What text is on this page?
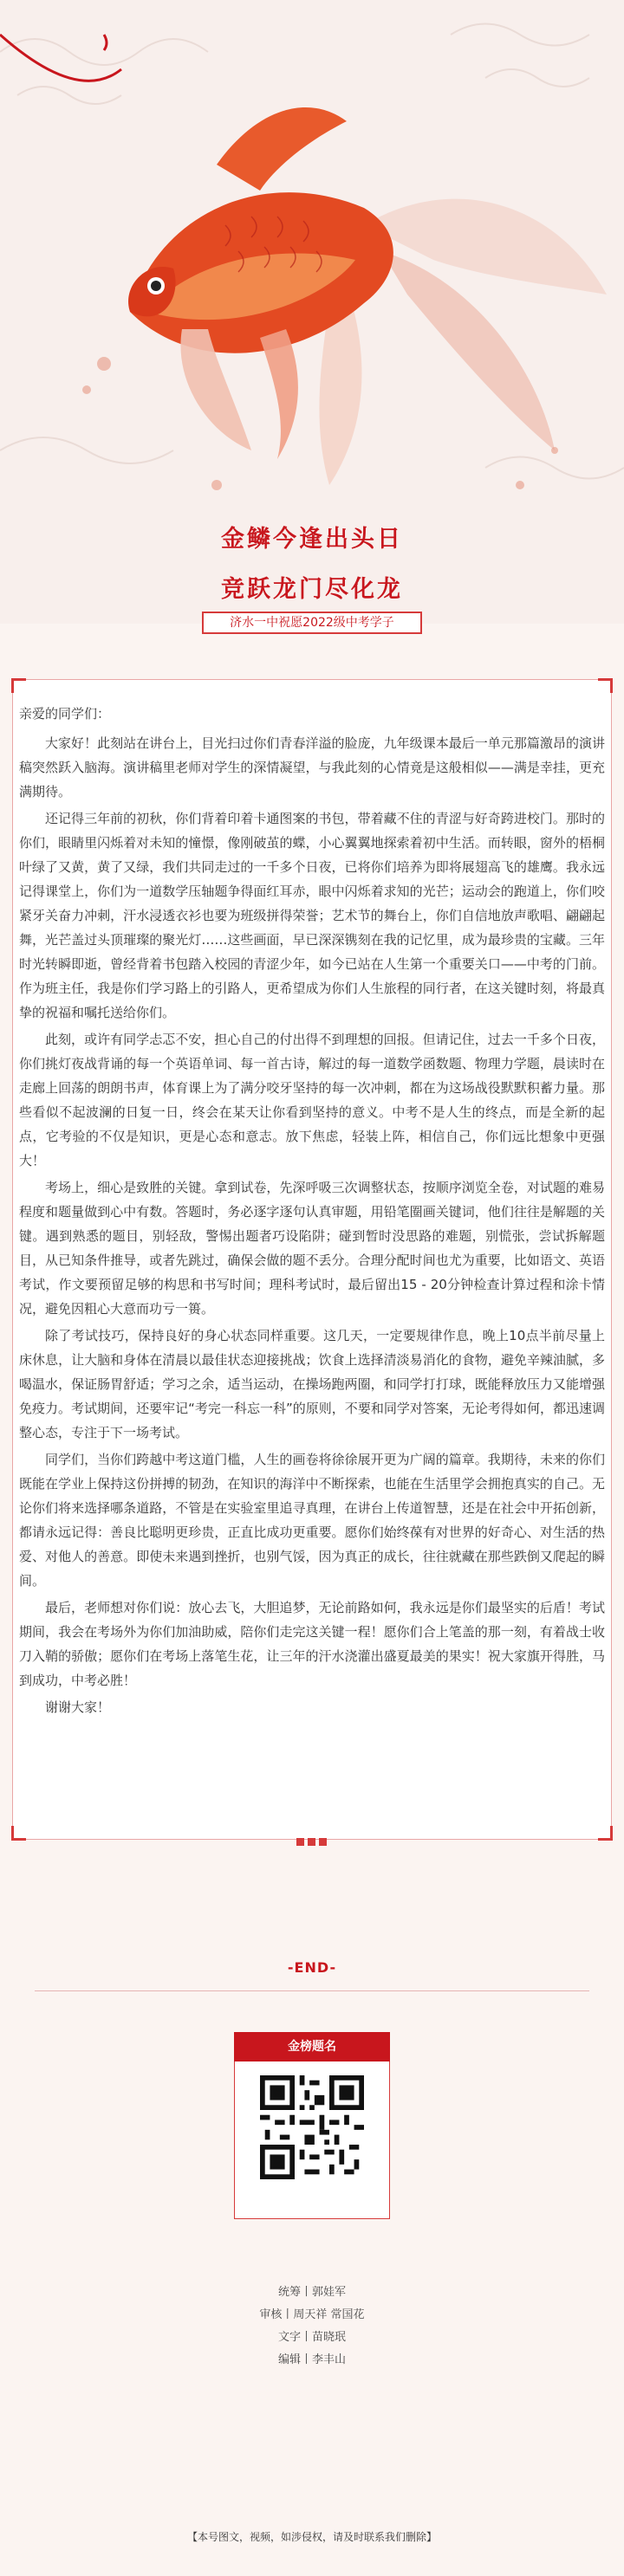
金鳞今逢出头日
竞跃龙门尽化龙
济水一中祝愿2022级中考学子

亲爱的同学们：

大家好！此刻站在讲台上，目光扫过你们青春洋溢的脸庞，九年级课本最后一单元那篇激昂的演讲稿突然跃入脑海。演讲稿里老师对学生的深情凝望，与我此刻的心情竟是这般相似——满是幸挂，更充满期待。

还记得三年前的初秋，你们背着印着卡通图案的书包，带着藏不住的青涩与好奇跨进校门。那时的你们，眼睛里闪烁着对未知的憧憬，像刚破茧的蝶，小心翼翼地探索着初中生活。而转眼，窗外的梧桐叶绿了又黄，黄了又绿，我们共同走过的一千多个日夜，已将你们培养为即将展翅高飞的雄鹰。我永远记得课堂上，你们为一道数学压轴题争得面红耳赤，眼中闪烁着求知的光芒；运动会的跑道上，你们咬紧牙关奋力冲刺，汗水浸透衣衫也要为班级拼得荣誉；艺术节的舞台上，你们自信地放声歌唱、翩翩起舞，光芒盖过头顶璀璨的聚光灯……这些画面，早已深深镌刻在我的记忆里，成为最珍贵的宝藏。三年时光转瞬即逝，曾经背着书包踏入校园的青涩少年，如今已站在人生第一个重要关口——中考的门前。作为班主任，我是你们学习路上的引路人，更希望成为你们人生旅程的同行者，在这关键时刻，将最真挚的祝福和嘱托送给你们。

此刻，或许有同学忐忑不安，担心自己的付出得不到理想的回报。但请记住，过去一千多个日夜，你们挑灯夜战背诵的每一个英语单词、每一首古诗，解过的每一道数学函数题、物理力学题，晨读时在走廊上回荡的朗朗书声，体育课上为了满分咬牙坚持的每一次冲刺，都在为这场战役默默积蓄力量。那些看似不起波澜的日复一日，终会在某天让你看到坚持的意义。中考不是人生的终点，而是全新的起点，它考验的不仅是知识，更是心态和意志。放下焦虑，轻装上阵，相信自己，你们远比想象中更强大！

考场上，细心是致胜的关键。拿到试卷，先深呼吸三次调整状态，按顺序浏览全卷，对试题的难易程度和题量做到心中有数。答题时，务必逐字逐句认真审题，用铅笔圈画关键词，他们往往是解题的关键。遇到熟悉的题目，别轻敌，警惕出题者巧设陷阱；碰到暂时没思路的难题，别慌张，尝试拆解题目，从已知条件推导，或者先跳过，确保会做的题不丢分。合理分配时间也尤为重要，比如语文、英语考试，作文要预留足够的构思和书写时间；理科考试时，最后留出15 - 20分钟检查计算过程和涂卡情况，避免因粗心大意而功亏一篑。

除了考试技巧，保持良好的身心状态同样重要。这几天，一定要规律作息，晚上10点半前尽量上床休息，让大脑和身体在清晨以最佳状态迎接挑战；饮食上选择清淡易消化的食物，避免辛辣油腻，多喝温水，保证肠胃舒适；学习之余，适当运动，在操场跑两圈，和同学打打球，既能释放压力又能增强免疫力。考试期间，还要牢记“考完一科忘一科”的原则，不要和同学对答案，无论考得如何，都迅速调整心态，专注于下一场考试。

同学们，当你们跨越中考这道门槛，人生的画卷将徐徐展开更为广阔的篇章。我期待，未来的你们既能在学业上保持这份拼搏的韧劲，在知识的海洋中不断探索，也能在生活里学会拥抱真实的自己。无论你们将来选择哪条道路，不管是在实验室里追寻真理，在讲台上传道智慧，还是在社会中开拓创新，都请永远记得：善良比聪明更珍贵，正直比成功更重要。愿你们始终葆有对世界的好奇心、对生活的热爱、对他人的善意。即使未来遇到挫折，也别气馁，因为真正的成长，往往就藏在那些跌倒又爬起的瞬间。

最后，老师想对你们说：放心去飞，大胆追梦，无论前路如何，我永远是你们最坚实的后盾！考试期间，我会在考场外为你们加油助威，陪你们走完这关键一程！愿你们合上笔盖的那一刻，有着战士收刀入鞘的骄傲；愿你们在考场上落笔生花，让三年的汗水浇灌出盛夏最美的果实！祝大家旗开得胜，马到成功，中考必胜！

谢谢大家！

-END-
金榜题名
统筹丨郭娃军
审核丨周天祥 常国花
文字丨苗晓珉
编辑丨李丰山
【本号图文，视频，如涉侵权，请及时联系我们删除】
